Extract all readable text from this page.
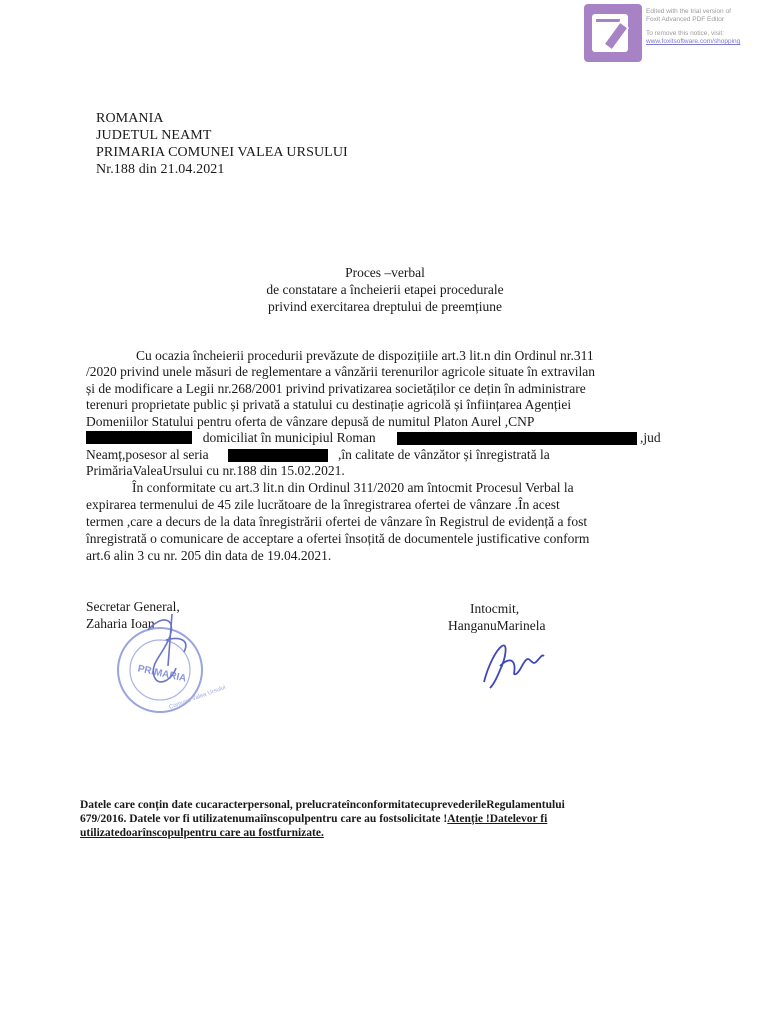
Edited with the trial version of
Foxit Advanced PDF Editor
To remove this notice, visit:
www.foxitsoftware.com/shopping
ROMANIA
JUDETUL NEAMT
PRIMARIA COMUNEI VALEA URSULUI
Nr.188 din 21.04.2021
Proces –verbal
de constatare a încheierii etapei procedurale
privind exercitarea dreptului de preemțiune
Cu ocazia încheierii procedurii prevăzute de dispozițiile art.3 lit.n din Ordinul nr.311
/2020 privind unele măsuri de reglementare a vânzării terenurilor agricole situate în extravilan
și de modificare a Legii nr.268/2001 privind privatizarea societăților ce dețin în administrare
terenuri proprietate public și privată a statului cu destinație agricolă și înființarea Agenției
Domeniilor Statului pentru oferta de vânzare depusă de numitul Platon Aurel ,CNP
domiciliat în municipiul Roman	,jud
Neamț,posesor al seria	,în calitate de vânzător și înregistrată la
PrimăriaValeaUrsului cu nr.188 din 15.02.2021.
În conformitate cu art.3 lit.n din Ordinul 311/2020 am întocmit Procesul Verbal la
expirarea termenului de 45 zile lucrătoare de la înregistrarea ofertei de vânzare .În acest
termen ,care a decurs de la data înregistrării ofertei de vânzare în Registrul de evidență a fost
înregistrată o comunicare de acceptare a ofertei însoțită de documentele justificative conform
art.6 alin 3 cu nr. 205 din data de 19.04.2021.
Secretar General,
Zaharia Ioan
PRIMARIA
Comuna Valea Ursului
Intocmit,
HanganuMarinela
Datele care conțin date cucaracterpersonal, prelucrateînconformitatecuprevederileRegulamentului
679/2016. Datele vor fi utilizatenumaiînscopulpentru care au fostsolicitate !Atenție !Datelevor fi
utilizatedoarînscopulpentru care au fostfurnizate.
